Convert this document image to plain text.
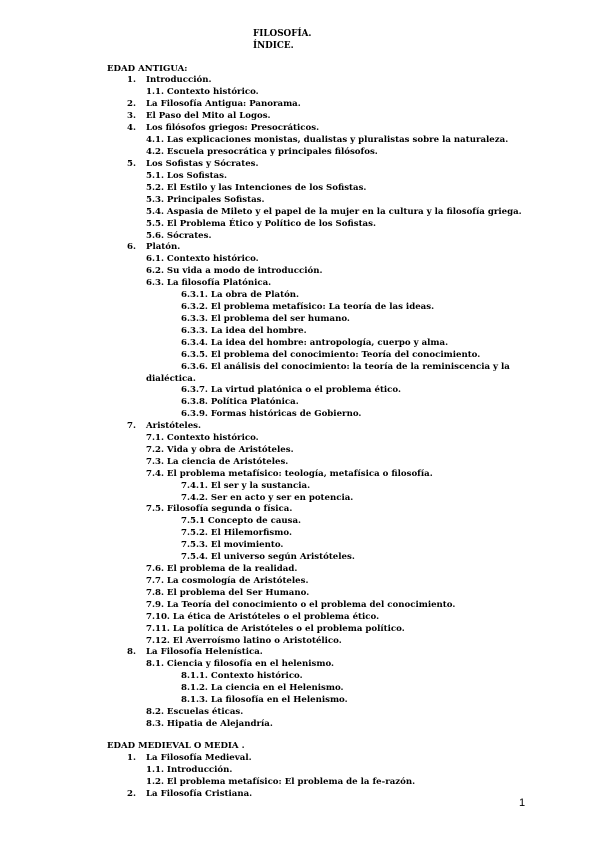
FILOSOFÍA.
ÍNDICE.
EDAD ANTIGUA:
1. Introducción.
1.1. Contexto histórico.
2. La Filosofía Antigua: Panorama.
3. El Paso del Mito al Logos.
4. Los filósofos griegos: Presocráticos.
4.1. Las explicaciones monistas, dualistas y pluralistas sobre la naturaleza.
4.2. Escuela presocrática y principales filósofos.
5. Los Sofistas y Sócrates.
5.1. Los Sofistas.
5.2. El Estilo y las Intenciones de los Sofistas.
5.3. Principales Sofistas.
5.4. Aspasia de Mileto y el papel de la mujer en la cultura y la filosofía griega.
5.5. El Problema Ético y Político de los Sofistas.
5.6. Sócrates.
6. Platón.
6.1. Contexto histórico.
6.2. Su vida a modo de introducción.
6.3. La filosofía Platónica.
6.3.1. La obra de Platón.
6.3.2. El problema metafísico: La teoría de las ideas.
6.3.3. El problema del ser humano.
6.3.3. La idea del hombre.
6.3.4. La idea del hombre: antropología, cuerpo y alma.
6.3.5. El problema del conocimiento: Teoría del conocimiento.
6.3.6. El análisis del conocimiento: la teoría de la reminiscencia y la
dialéctica.
6.3.7. La virtud platónica o el problema ético.
6.3.8. Política Platónica.
6.3.9. Formas históricas de Gobierno.
7. Aristóteles.
7.1. Contexto histórico.
7.2. Vida y obra de Aristóteles.
7.3. La ciencia de Aristóteles.
7.4. El problema metafísico: teología, metafísica o filosofía.
7.4.1. El ser y la sustancia.
7.4.2. Ser en acto y ser en potencia.
7.5. Filosofía segunda o física.
7.5.1 Concepto de causa.
7.5.2. El Hilemorfismo.
7.5.3. El movimiento.
7.5.4. El universo según Aristóteles.
7.6. El problema de la realidad.
7.7. La cosmología de Aristóteles.
7.8. El problema del Ser Humano.
7.9. La Teoría del conocimiento o el problema del conocimiento.
7.10. La ética de Aristóteles o el problema ético.
7.11. La política de Aristóteles o el problema político.
7.12. El Averroísmo latino o Aristotélico.
8. La Filosofía Helenística.
8.1. Ciencia y filosofía en el helenismo.
8.1.1. Contexto histórico.
8.1.2. La ciencia en el Helenismo.
8.1.3. La filosofía en el Helenismo.
8.2. Escuelas éticas.
8.3. Hipatia de Alejandría.
EDAD MEDIEVAL O MEDIA .
1. La Filosofía Medieval.
1.1. Introducción.
1.2. El problema metafísico: El problema de la fe-razón.
2. La Filosofía Cristiana.
1
